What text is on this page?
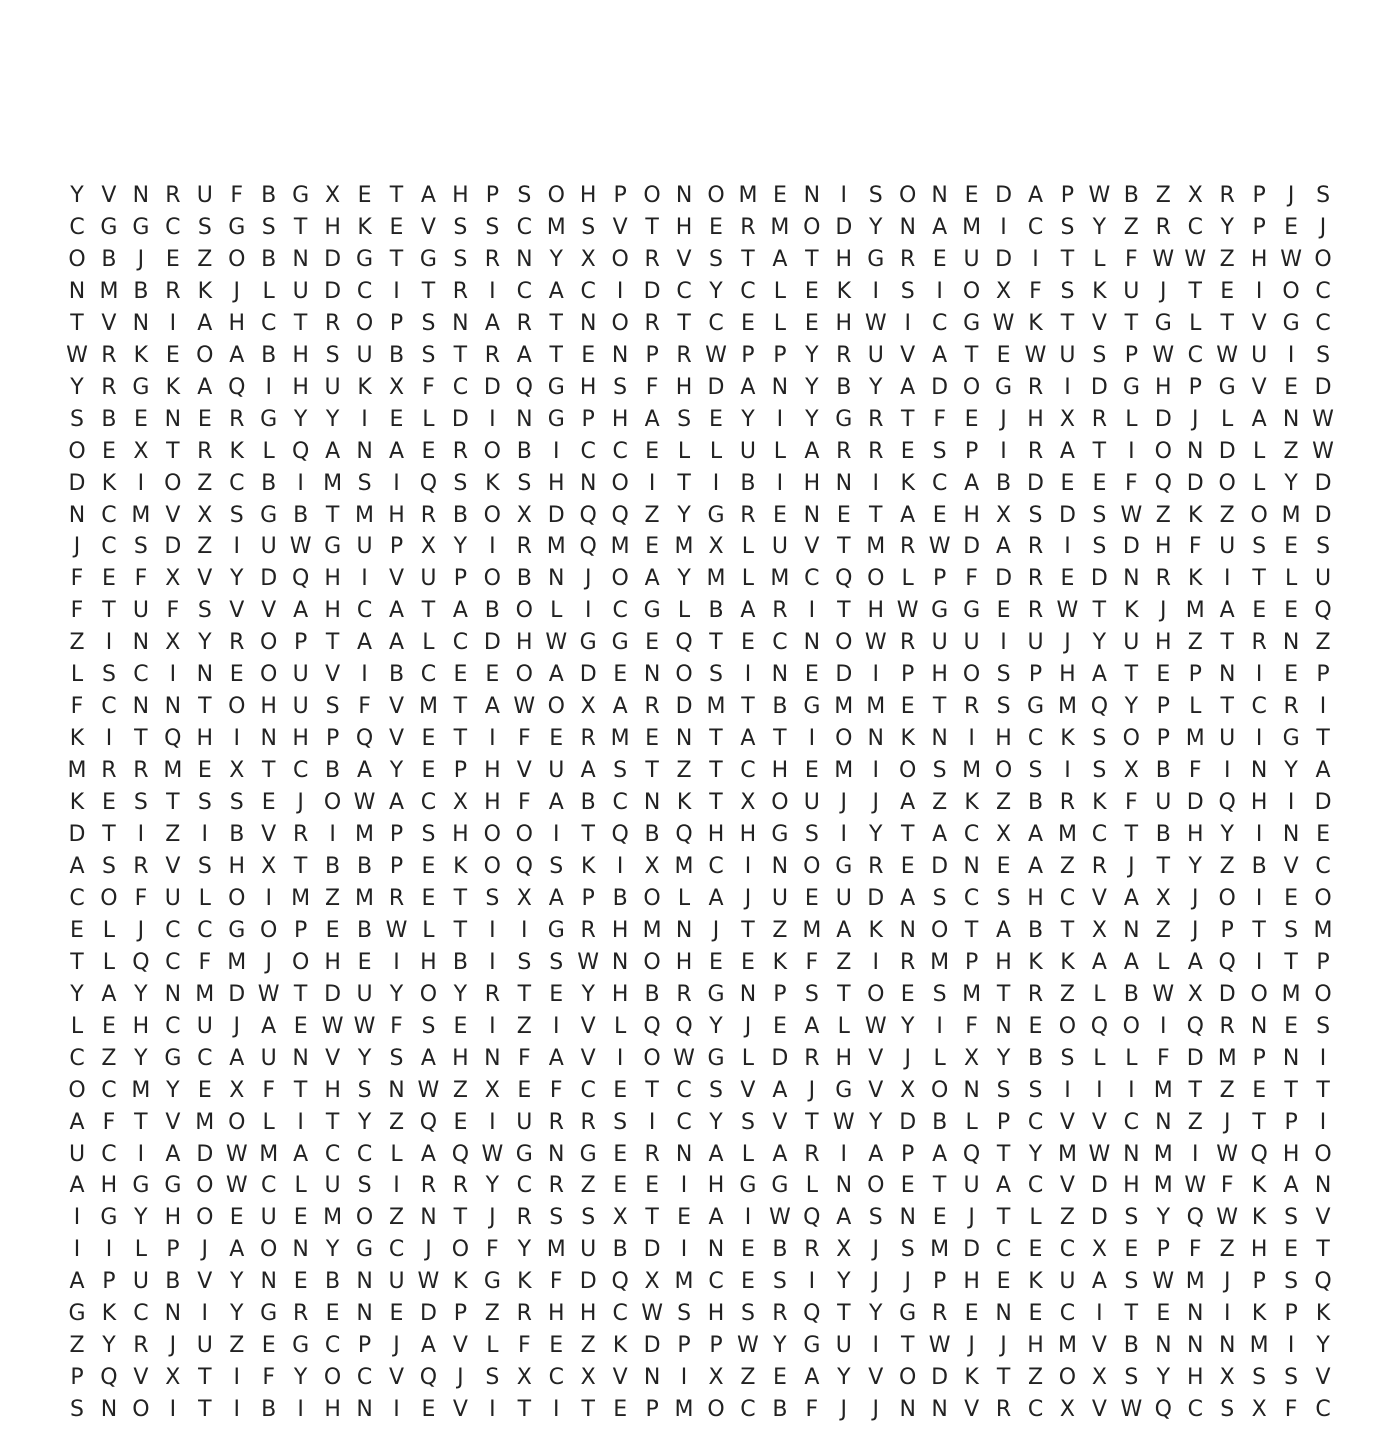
Y V N R U F B G X E T A H P S O H P O N O M E N I S O N E D A P W B Z X R P	J S
C G G C S G S T H K E V S S C M S V T H E R M O D Y N A M I C S Y Z R C Y P E J
O B J E Z O B N D G T G S R N Y X O R V S T A T H G R E U D I T L F W W Z H W O
N M B R K J	L U D C I T R I C A C I D C Y C L E K I S I O X F S K U J T E I O C
T V N I A H C T R O P S N A R T N O R T C E L E H W I C G W K T V T G L T V G C
W R K E O A B H S U B S T R A T E N P R W P P Y R U V A T E W U S P W C W U I S
Y R G K A Q I H U K X F C D Q G H S F H D A N Y B Y A D O G R I D G H P G V E D
S B E N E R G Y Y I E L D I N G P H A S E Y I Y G R T F E J H X R L D J	L A N W
O E X T R K L Q A N A E R O B I C C E L L U L A R R E S P	I R A T I O N D L Z W
D K I O Z C B I M S I Q S K S H N O I T I B I H N I K C A B D E E F Q D O L Y D
N C M V X S G B T M H R B O X D Q Q Z Y G R E N E T A E H X S D S W Z K Z O M D
J C S D Z I U W G U P X Y I R M Q M E M X L U V T M R W D A R I S D H F U S E S
F E F X V Y D Q H I V U P O B N J O A Y M L M C Q O L P F D R E D N R K I T L U
F T U F S V V A H C A T A B O L	I C G L B A R I T H W G G E R W T K J M A E E Q
Z I N X Y R O P T A A L C D H W G G E Q T E C N O W R U U I U J Y U H Z T R N Z
L S C I N E O U V I B C E E O A D E N O S I N E D I	P H O S P H A T E P N I E P
F C N N T O H U S F V M T A W O X A R D M T B G M M E T R S G M Q Y P L T C R I
K I T Q H I N H P Q V E T I	F E R M E N T A T I O N K N I H C K S O P M U I G T
M R R M E X T C B A Y E P H V U A S T Z T C H E M I O S M O S I S X B F	I N Y A
K E S T S S E J O W A C X H F A B C N K T X O U J	J A Z K Z B R K F U D Q H I D
D T I Z I B V R I M P S H O O I T Q B Q H H G S I Y T A C X A M C T B H Y I N E
A S R V S H X T B B P E K O Q S K I X M C I N O G R E D N E A Z R J T Y Z B V C
C O F U L O I M Z M R E T S X A P B O L A J U E U D A S C S H C V A X J O I E O
E L	J C C G O P E B W L T I	I G R H M N J T Z M A K N O T A B T X N Z J	P T S M
T L Q C F M J O H E I H B I S S W N O H E E K F Z I R M P H K K A A L A Q I T P
Y A Y N M D W T D U Y O Y R T E Y H B R G N P S T O E S M T R Z L B W X D O M O
L E H C U J A E W W F S E I Z I V L Q Q Y J E A L W Y I	F N E O Q O I Q R N E S
C Z Y G C A U N V Y S A H N F A V I O W G L D R H V J	L X Y B S L L F D M P N I
O C M Y E X F T H S N W Z X E F C E T C S V A J G V X O N S S I	I	I M T Z E T T
A F T V M O L	I T Y Z Q E I U R R S I C Y S V T W Y D B L P C V V C N Z J T P	I
U C I A D W M A C C L A Q W G N G E R N A L A R I A P A Q T Y M W N M I W Q H O
A H G G O W C L U S I R R Y C R Z E E I H G G L N O E T U A C V D H M W F K A N
I G Y H O E U E M O Z N T J R S S X T E A I W Q A S N E J T L Z D S Y Q W K S V
I	I	L P	J A O N Y G C J O F Y M U B D I N E B R X J S M D C E C X E P F Z H E T
A P U B V Y N E B N U W K G K F D Q X M C E S I Y J	J	P H E K U A S W M J	P S Q
G K C N I Y G R E N E D P Z R H H C W S H S R Q T Y G R E N E C I T E N I K P K
Z Y R J U Z E G C P	J A V L F E Z K D P P W Y G U I T W J	J H M V B N N N M I Y
P Q V X T I	F Y O C V Q J S X C X V N I X Z E A Y V O D K T Z O X S Y H X S S V
S N O I T I B I H N I E V I T I T E P M O C B F	J	J N N V R C X V W Q C S X F C
